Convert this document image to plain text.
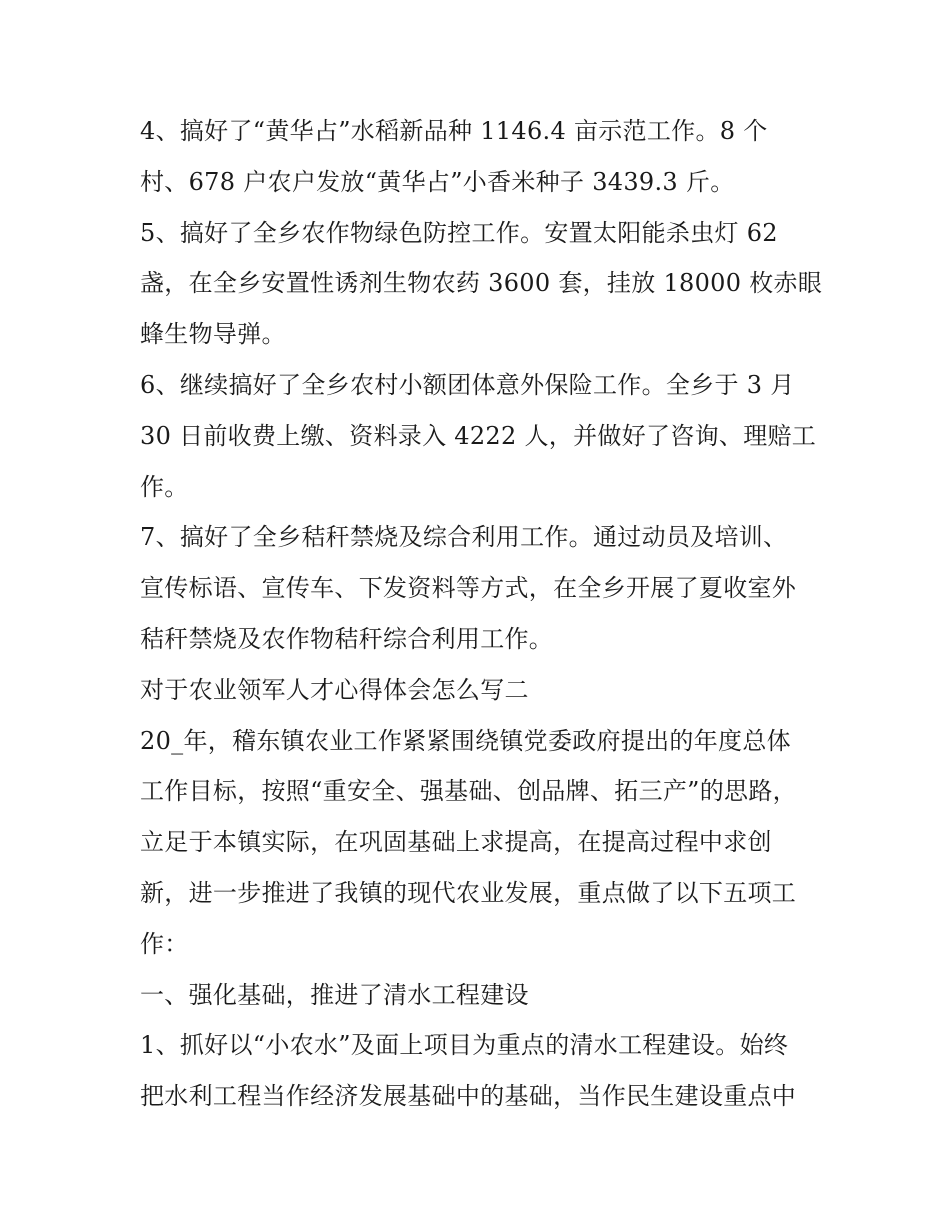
4、搞好了“黄华占”水稻新品种 1146.4 亩示范工作。8 个
村、678 户农户发放“黄华占”小香米种子 3439.3 斤。
5、搞好了全乡农作物绿色防控工作。安置太阳能杀虫灯 62
盏，在全乡安置性诱剂生物农药 3600 套，挂放 18000 枚赤眼
蜂生物导弹。
6、继续搞好了全乡农村小额团体意外保险工作。全乡于 3 月
30 日前收费上缴、资料录入 4222 人，并做好了咨询、理赔工
作。
7、搞好了全乡秸秆禁烧及综合利用工作。通过动员及培训、
宣传标语、宣传车、下发资料等方式，在全乡开展了夏收室外
秸秆禁烧及农作物秸秆综合利用工作。
对于农业领军人才心得体会怎么写二
20_年，稽东镇农业工作紧紧围绕镇党委政府提出的年度总体
工作目标，按照“重安全、强基础、创品牌、拓三产”的思路，
立足于本镇实际，在巩固基础上求提高，在提高过程中求创
新，进一步推进了我镇的现代农业发展，重点做了以下五项工
作：
一、强化基础，推进了清水工程建设
1、抓好以“小农水”及面上项目为重点的清水工程建设。始终
把水利工程当作经济发展基础中的基础，当作民生建设重点中
